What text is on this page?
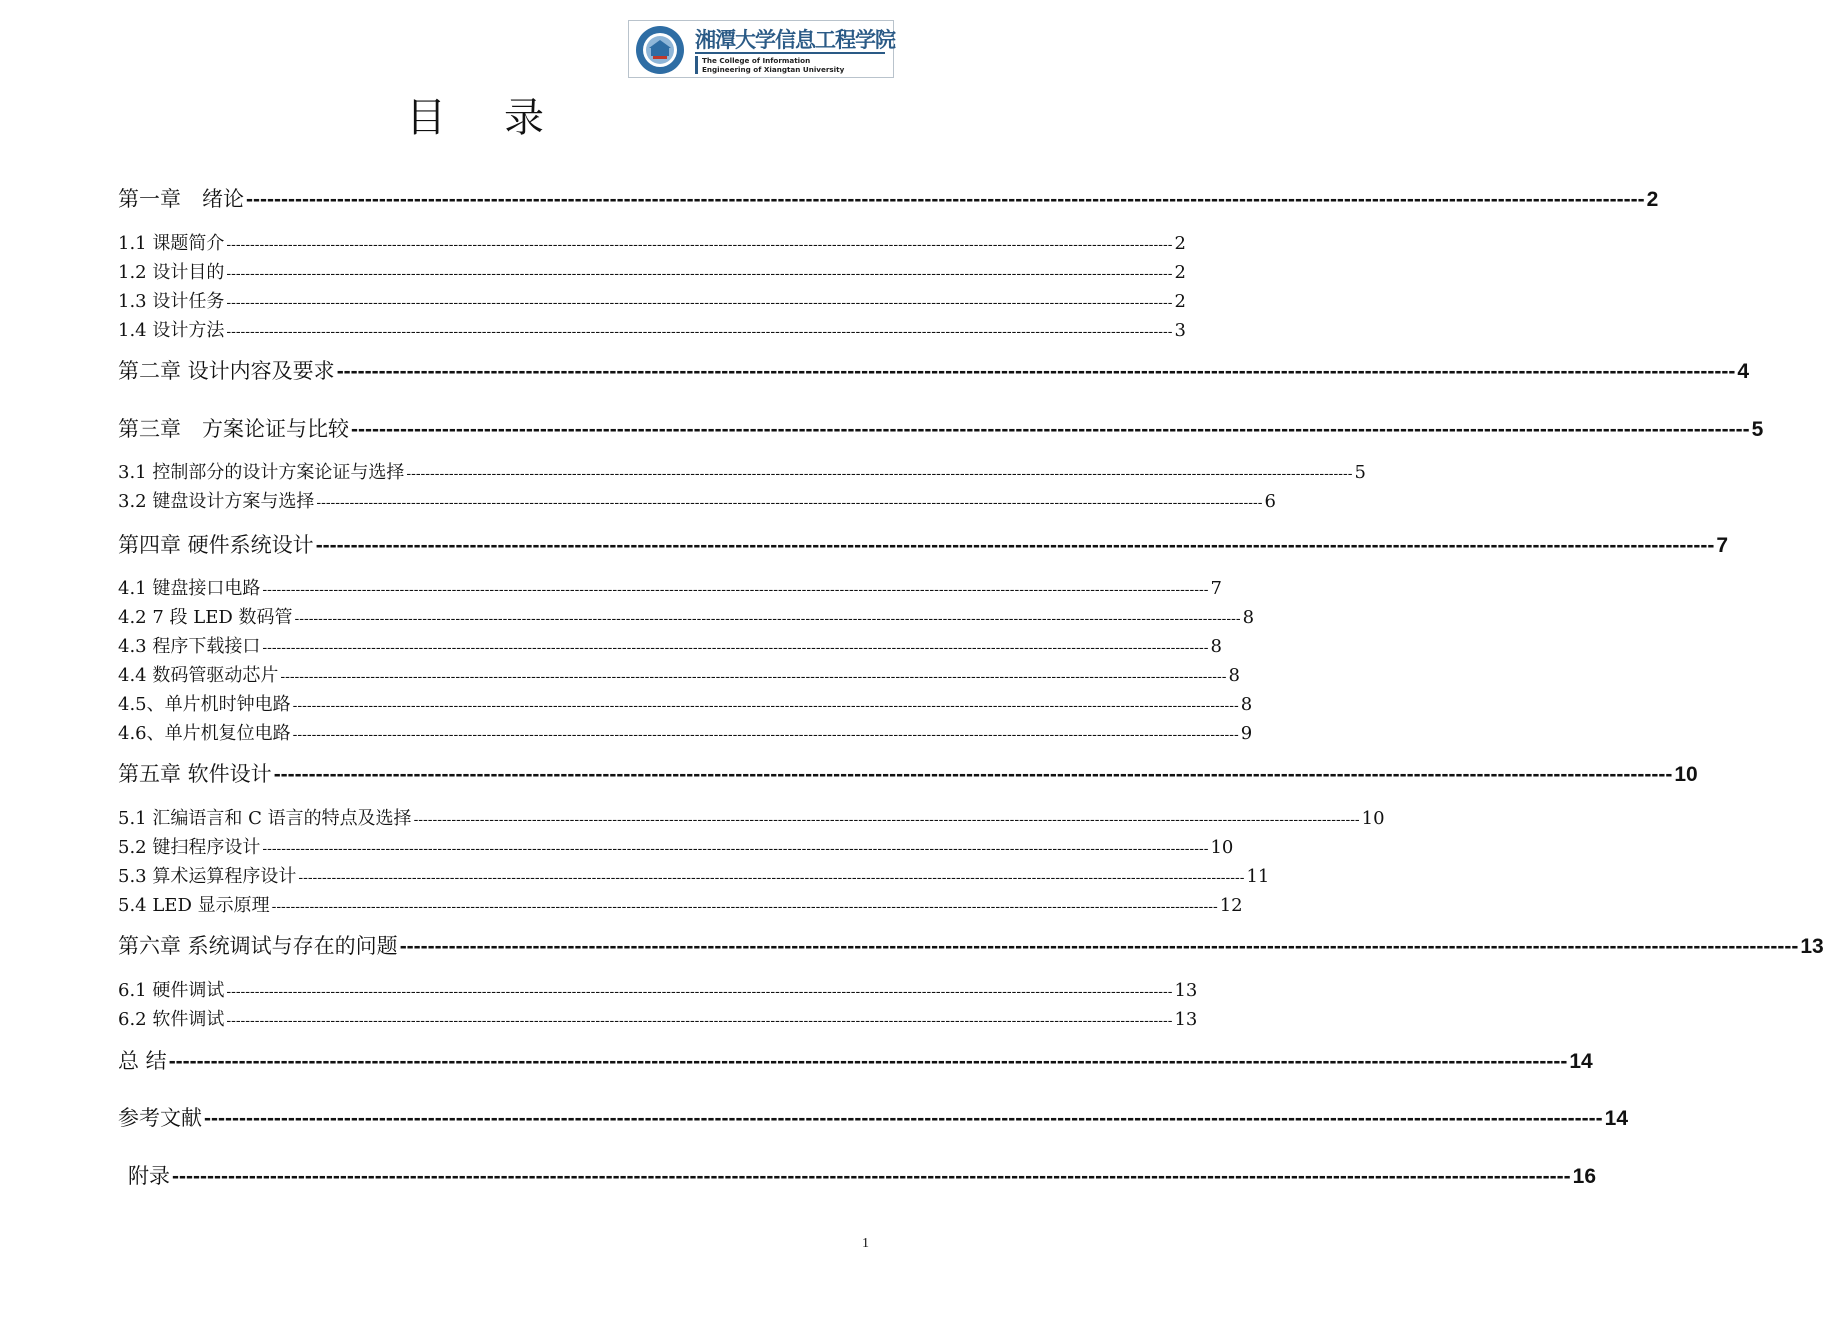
湘潭大学信息工程学院
The College of Information
Engineering of Xiangtan University
目录
第一章　绪论 -------------------------------------------------------------------------------------------------------------------------------------------------------------------------------------------------------- 2
1.1 课题简介 -------------------------------------------------------------------------------------------------------------------------------------------------------------------------------------------------------- 2
1.2 设计目的 -------------------------------------------------------------------------------------------------------------------------------------------------------------------------------------------------------- 2
1.3 设计任务 -------------------------------------------------------------------------------------------------------------------------------------------------------------------------------------------------------- 2
1.4 设计方法 -------------------------------------------------------------------------------------------------------------------------------------------------------------------------------------------------------- 3
第二章 设计内容及要求 -------------------------------------------------------------------------------------------------------------------------------------------------------------------------------------------------------- 4
第三章　方案论证与比较 -------------------------------------------------------------------------------------------------------------------------------------------------------------------------------------------------------- 5
3.1 控制部分的设计方案论证与选择 -------------------------------------------------------------------------------------------------------------------------------------------------------------------------------------------------------- 5
3.2 键盘设计方案与选择 -------------------------------------------------------------------------------------------------------------------------------------------------------------------------------------------------------- 6
第四章 硬件系统设计 -------------------------------------------------------------------------------------------------------------------------------------------------------------------------------------------------------- 7
4.1 键盘接口电路 -------------------------------------------------------------------------------------------------------------------------------------------------------------------------------------------------------- 7
4.2 7 段 LED 数码管 -------------------------------------------------------------------------------------------------------------------------------------------------------------------------------------------------------- 8
4.3 程序下载接口 -------------------------------------------------------------------------------------------------------------------------------------------------------------------------------------------------------- 8
4.4 数码管驱动芯片 -------------------------------------------------------------------------------------------------------------------------------------------------------------------------------------------------------- 8
4.5、单片机时钟电路 -------------------------------------------------------------------------------------------------------------------------------------------------------------------------------------------------------- 8
4.6、单片机复位电路 -------------------------------------------------------------------------------------------------------------------------------------------------------------------------------------------------------- 9
第五章 软件设计 -------------------------------------------------------------------------------------------------------------------------------------------------------------------------------------------------------- 10
5.1 汇编语言和 C 语言的特点及选择 -------------------------------------------------------------------------------------------------------------------------------------------------------------------------------------------------------- 10
5.2 键扫程序设计 -------------------------------------------------------------------------------------------------------------------------------------------------------------------------------------------------------- 10
5.3 算术运算程序设计 -------------------------------------------------------------------------------------------------------------------------------------------------------------------------------------------------------- 11
5.4 LED 显示原理 -------------------------------------------------------------------------------------------------------------------------------------------------------------------------------------------------------- 12
第六章 系统调试与存在的问题 -------------------------------------------------------------------------------------------------------------------------------------------------------------------------------------------------------- 13
6.1 硬件调试 -------------------------------------------------------------------------------------------------------------------------------------------------------------------------------------------------------- 13
6.2 软件调试 -------------------------------------------------------------------------------------------------------------------------------------------------------------------------------------------------------- 13
总 结 -------------------------------------------------------------------------------------------------------------------------------------------------------------------------------------------------------- 14
参考文献 -------------------------------------------------------------------------------------------------------------------------------------------------------------------------------------------------------- 14
附录 -------------------------------------------------------------------------------------------------------------------------------------------------------------------------------------------------------- 16
1
